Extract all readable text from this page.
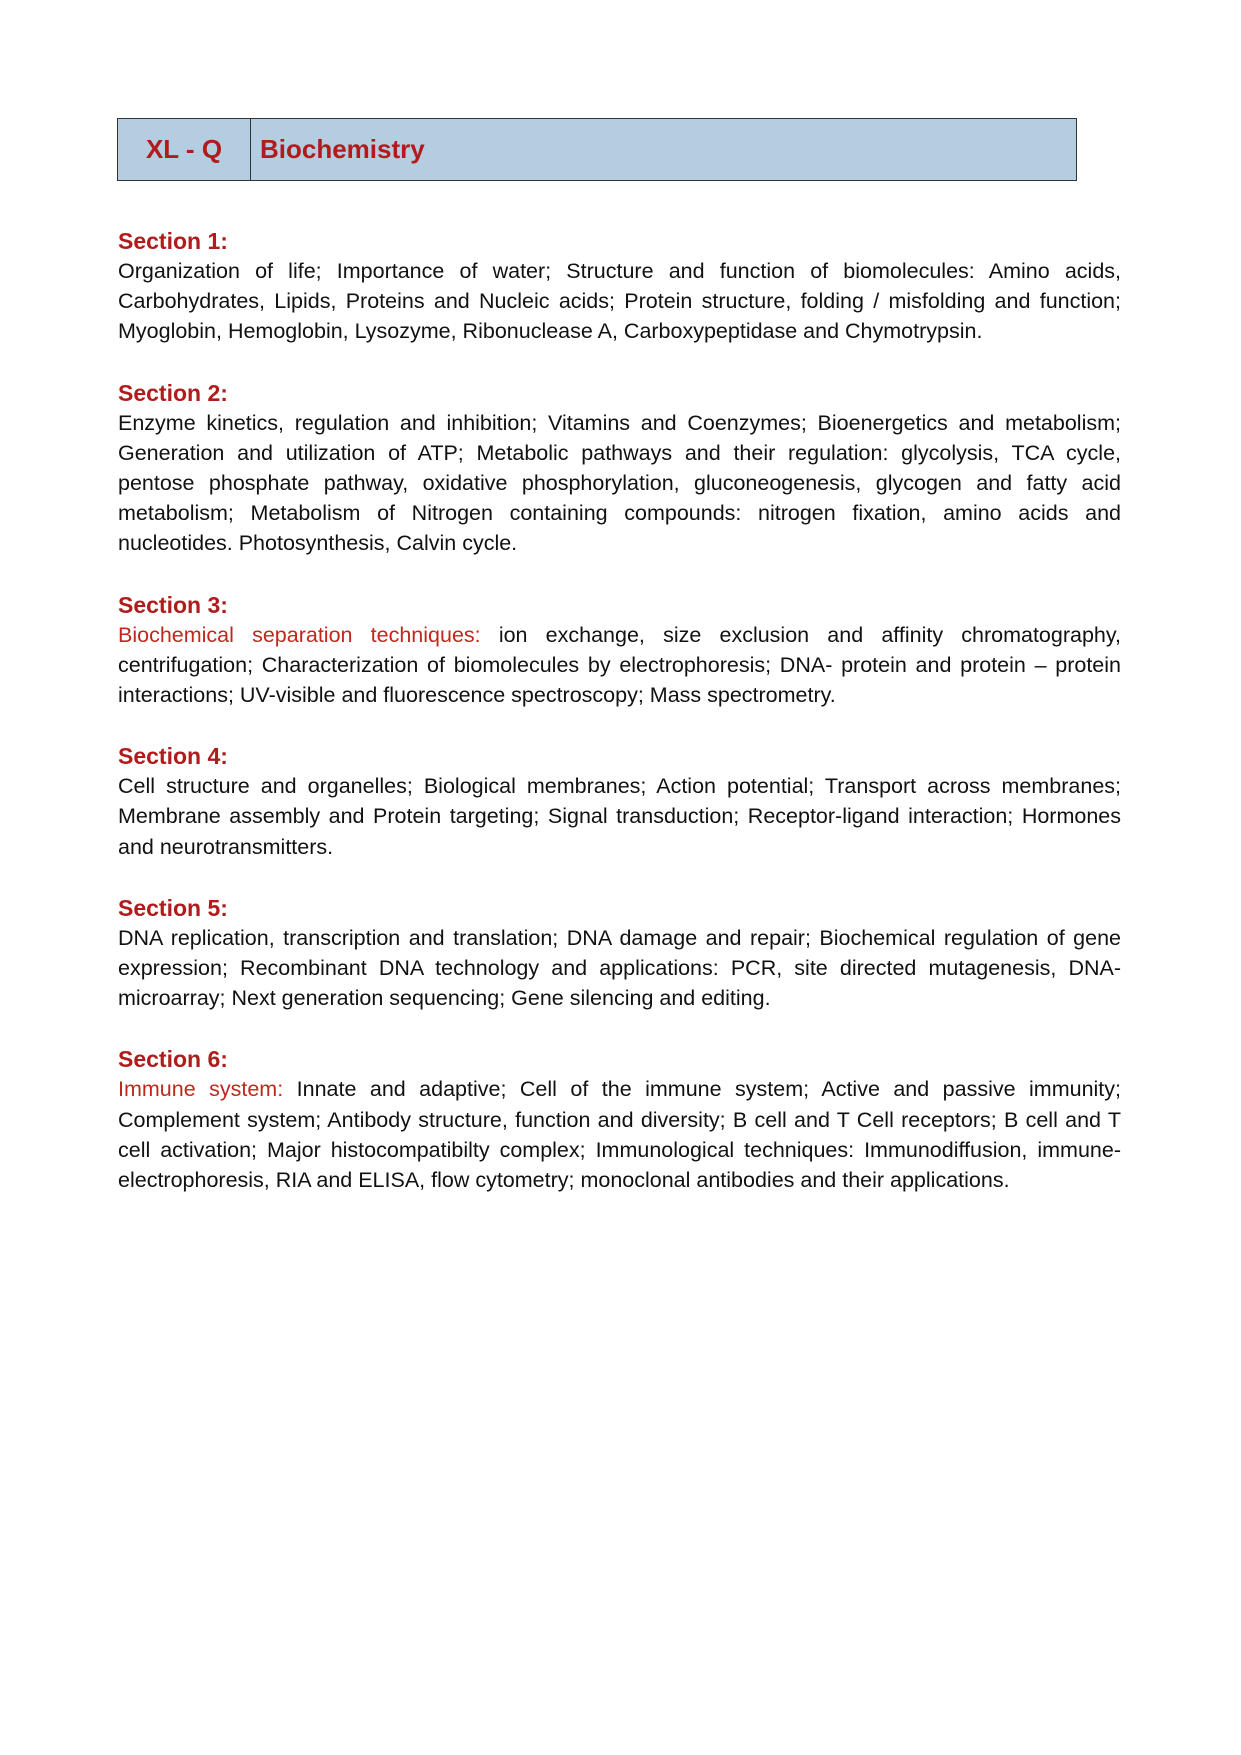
XL - Q	Biochemistry

Section 1:

Organization of life; Importance of water; Structure and function of biomolecules: Amino acids, Carbohydrates, Lipids, Proteins and Nucleic acids; Protein structure, folding / misfolding and function; Myoglobin, Hemoglobin, Lysozyme, Ribonuclease A, Carboxypeptidase and Chymotrypsin.

Section 2:

Enzyme kinetics, regulation and inhibition; Vitamins and Coenzymes; Bioenergetics and metabolism; Generation and utilization of ATP; Metabolic pathways and their regulation: glycolysis, TCA cycle, pentose phosphate pathway, oxidative phosphorylation, gluconeogenesis, glycogen and fatty acid metabolism; Metabolism of Nitrogen containing compounds: nitrogen fixation, amino acids and nucleotides. Photosynthesis, Calvin cycle.

Section 3:

Biochemical separation techniques: ion exchange, size exclusion and affinity chromatography, centrifugation; Characterization of biomolecules by electrophoresis; DNA- protein and protein – protein interactions; UV-visible and fluorescence spectroscopy; Mass spectrometry.

Section 4:

Cell structure and organelles; Biological membranes; Action potential; Transport across membranes; Membrane assembly and Protein targeting; Signal transduction; Receptor-ligand interaction; Hormones and neurotransmitters.

Section 5:

DNA replication, transcription and translation; DNA damage and repair; Biochemical regulation of gene expression; Recombinant DNA technology and applications: PCR, site directed mutagenesis, DNA-microarray; Next generation sequencing; Gene silencing and editing.

Section 6:

Immune system: Innate and adaptive; Cell of the immune system; Active and passive immunity; Complement system; Antibody structure, function and diversity; B cell and T Cell receptors; B cell and T cell activation; Major histocompatibilty complex; Immunological techniques: Immunodiffusion, immune-electrophoresis, RIA and ELISA, flow cytometry; monoclonal antibodies and their applications.
